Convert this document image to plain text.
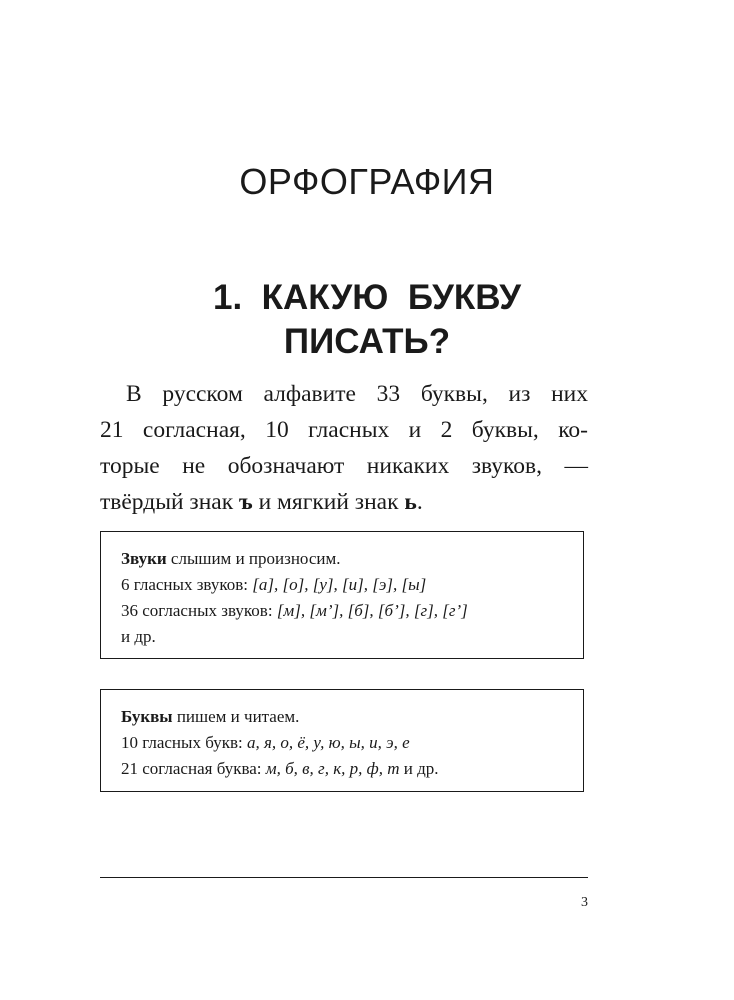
ОРФОГРАФИЯ
1.  КАКУЮ  БУКВУ
ПИСАТЬ?

В русском алфавите 33 буквы, из них
21 согласная, 10 гласных и 2 буквы, ко-
торые не обозначают никаких звуков, —
твёрдый знак ъ и мягкий знак ь.

Звуки слышим и произносим.
6 гласных звуков: [а], [о], [у], [и], [э], [ы]
36 согласных звуков: [м], [м’], [б], [б’], [г], [г’]
и др.
Буквы пишем и читаем.
10 гласных букв: а, я, о, ё, у, ю, ы, и, э, е
21 согласная буква: м, б, в, г, к, р, ф, т и др.
3
